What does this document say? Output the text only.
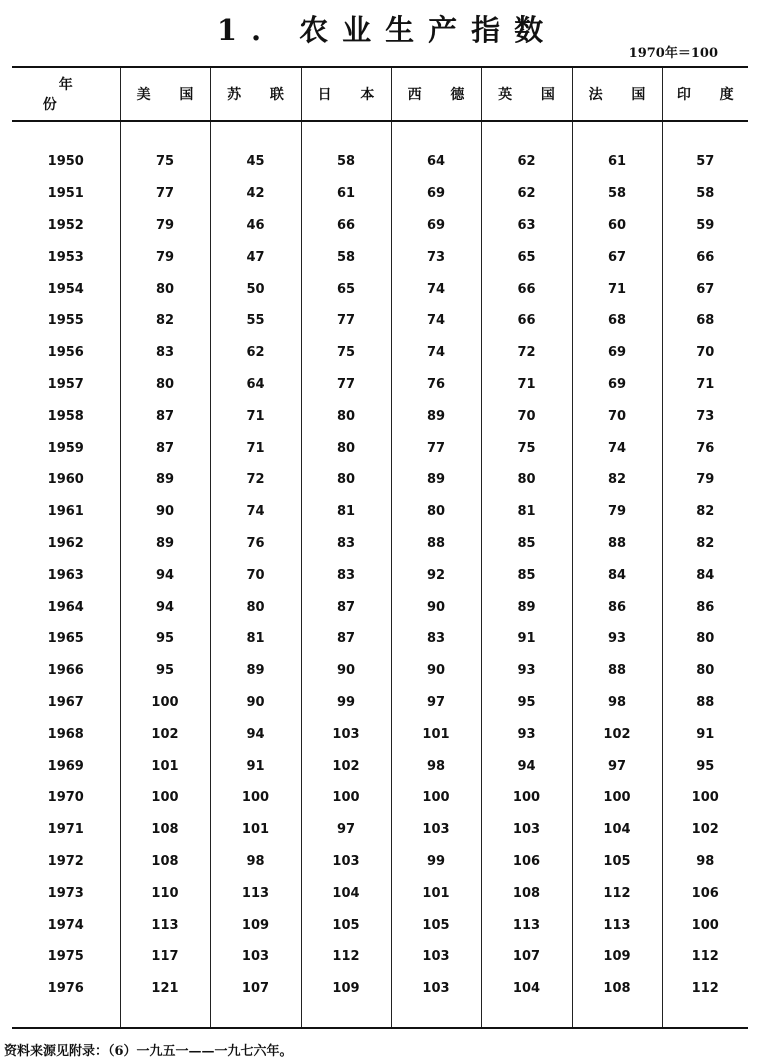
1. 农业生产指数
1970年＝100
年　份	美 国	苏 联	日 本	西 德	英 国	法 国	印 度
1950	75	45	58	64	62	61	57
1951	77	42	61	69	62	58	58
1952	79	46	66	69	63	60	59
1953	79	47	58	73	65	67	66
1954	80	50	65	74	66	71	67
1955	82	55	77	74	66	68	68
1956	83	62	75	74	72	69	70
1957	80	64	77	76	71	69	71
1958	87	71	80	89	70	70	73
1959	87	71	80	77	75	74	76
1960	89	72	80	89	80	82	79
1961	90	74	81	80	81	79	82
1962	89	76	83	88	85	88	82
1963	94	70	83	92	85	84	84
1964	94	80	87	90	89	86	86
1965	95	81	87	83	91	93	80
1966	95	89	90	90	93	88	80
1967	100	90	99	97	95	98	88
1968	102	94	103	101	93	102	91
1969	101	91	102	98	94	97	95
1970	100	100	100	100	100	100	100
1971	108	101	97	103	103	104	102
1972	108	98	103	99	106	105	98
1973	110	113	104	101	108	112	106
1974	113	109	105	105	113	113	100
1975	117	103	112	103	107	109	112
1976	121	107	109	103	104	108	112
资料来源见附录：（6）一九五一——一九七六年。
